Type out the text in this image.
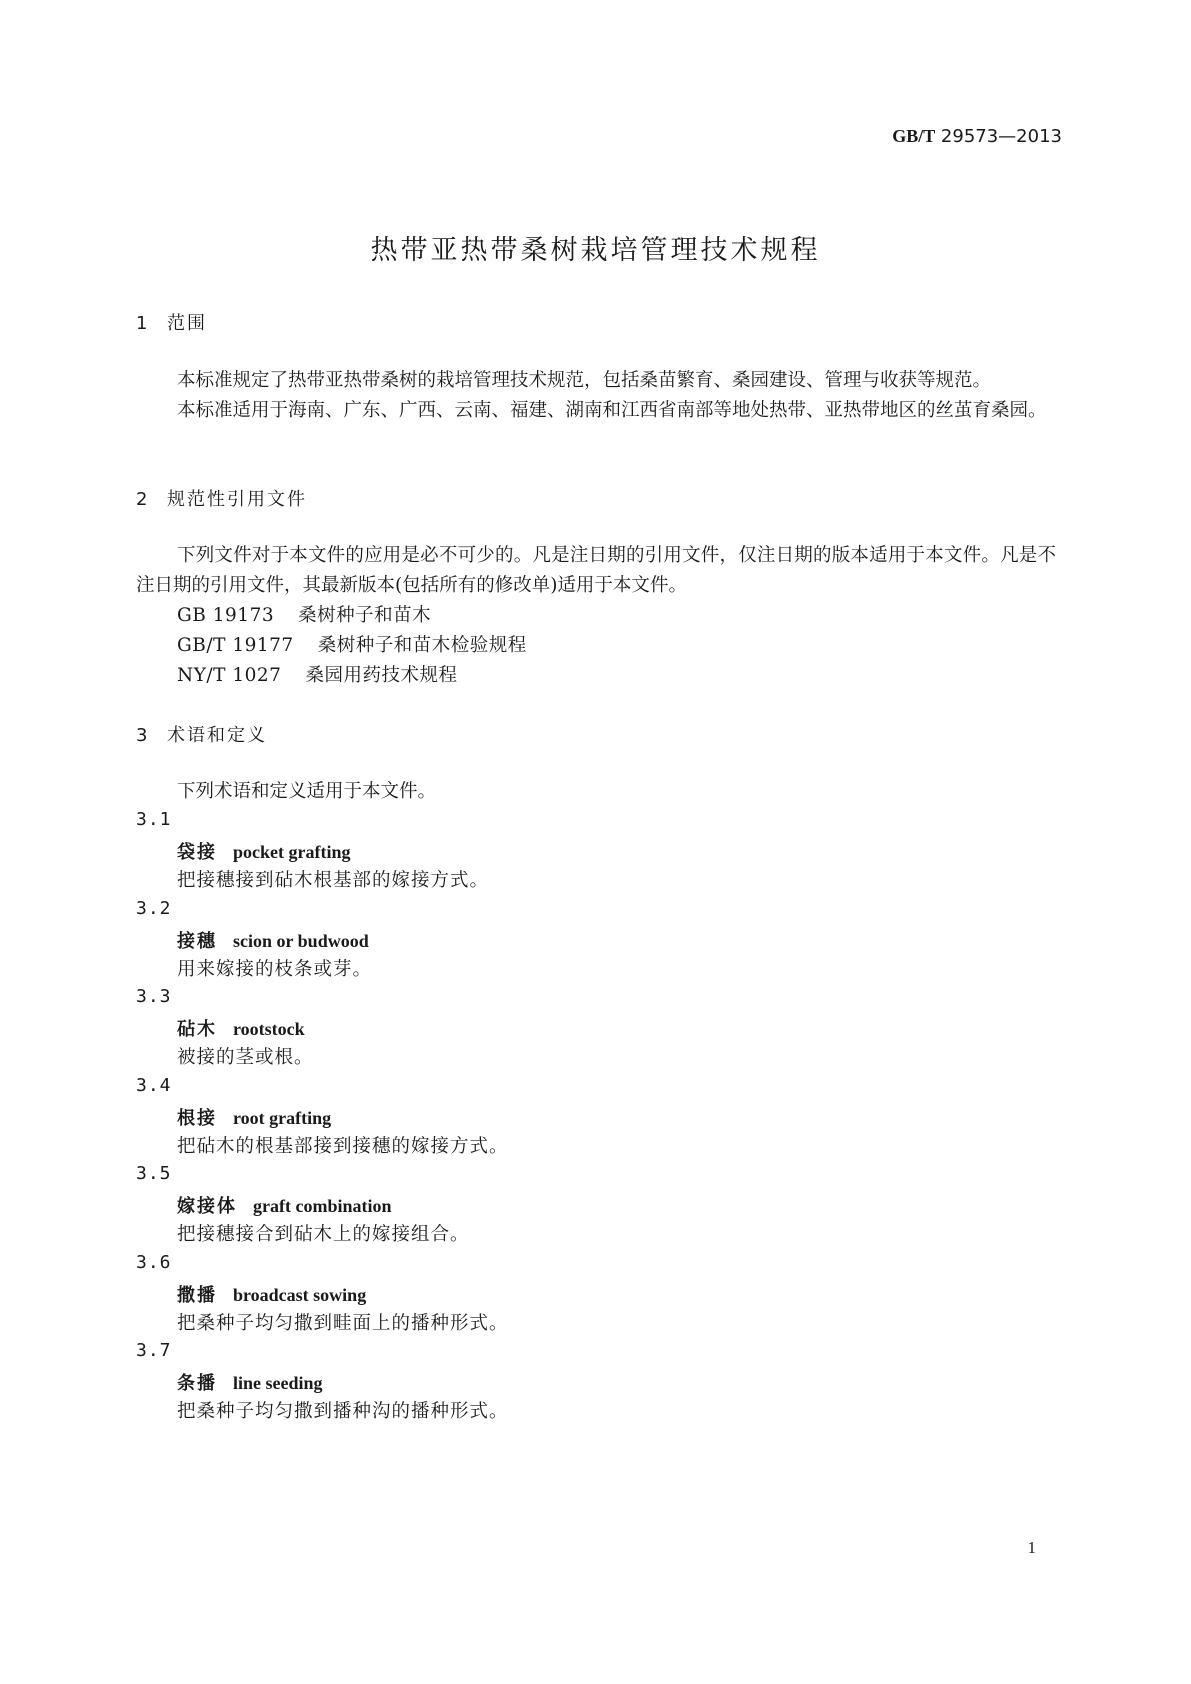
GB/T 29573—2013
热带亚热带桑树栽培管理技术规程
1 范围
本标准规定了热带亚热带桑树的栽培管理技术规范，包括桑苗繁育、桑园建设、管理与收获等规范。
本标准适用于海南、广东、广西、云南、福建、湖南和江西省南部等地处热带、亚热带地区的丝茧育桑园。
2 规范性引用文件
下列文件对于本文件的应用是必不可少的。凡是注日期的引用文件，仅注日期的版本适用于本文件。凡是不注日期的引用文件，其最新版本(包括所有的修改单)适用于本文件。
GB 19173 桑树种子和苗木
GB/T 19177 桑树种子和苗木检验规程
NY/T 1027 桑园用药技术规程
3 术语和定义
下列术语和定义适用于本文件。
3.1
袋接 pocket grafting
把接穗接到砧木根基部的嫁接方式。
3.2
接穗 scion or budwood
用来嫁接的枝条或芽。
3.3
砧木 rootstock
被接的茎或根。
3.4
根接 root grafting
把砧木的根基部接到接穗的嫁接方式。
3.5
嫁接体 graft combination
把接穗接合到砧木上的嫁接组合。
3.6
撒播 broadcast sowing
把桑种子均匀撒到畦面上的播种形式。
3.7
条播 line seeding
把桑种子均匀撒到播种沟的播种形式。
1
